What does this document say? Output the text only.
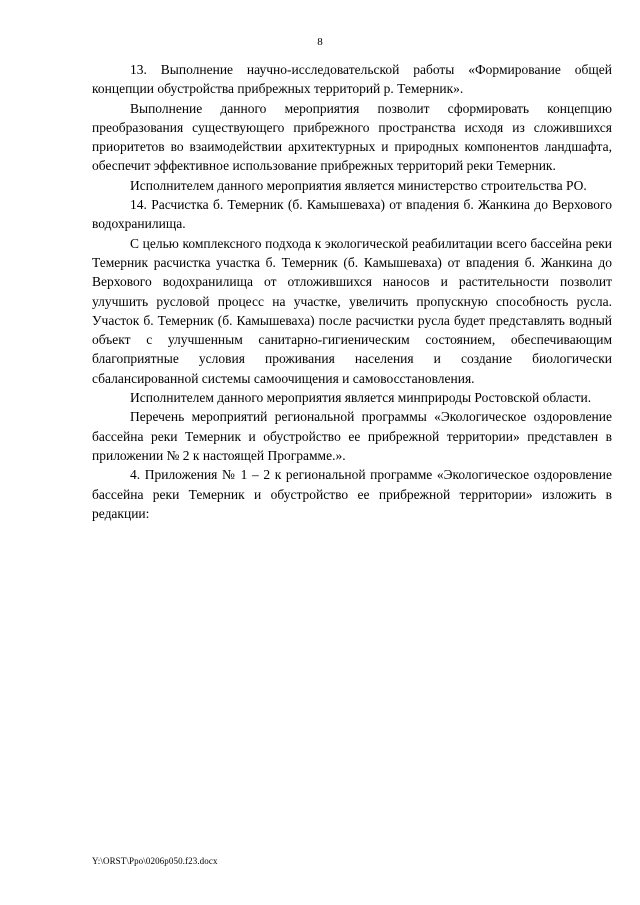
8

13. Выполнение научно-исследовательской работы «Формирование общей концепции обустройства прибрежных территорий р. Темерник».

Выполнение данного мероприятия позволит сформировать концепцию преобразования существующего прибрежного пространства исходя из сложившихся приоритетов во взаимодействии архитектурных и природных компонентов ландшафта, обеспечит эффективное использование прибрежных территорий реки Темерник.

Исполнителем данного мероприятия является министерство строительства РО.

14. Расчистка б. Темерник (б. Камышеваха) от впадения б. Жанкина до Верхового водохранилища.

С целью комплексного подхода к экологической реабилитации всего бассейна реки Темерник расчистка участка б. Темерник (б. Камышеваха) от впадения б. Жанкина до Верхового водохранилища от отложившихся наносов и растительности позволит улучшить русловой процесс на участке, увеличить пропускную способность русла. Участок б. Темерник (б. Камышеваха) после расчистки русла будет представлять водный объект с улучшенным санитарно-гигиеническим состоянием, обеспечивающим благоприятные условия проживания населения и создание биологически сбалансированной системы самоочищения и самовосстановления.

Исполнителем данного мероприятия является минприроды Ростовской области.

Перечень мероприятий региональной программы «Экологическое оздоровление бассейна реки Темерник и обустройство ее прибрежной территории» представлен в приложении № 2 к настоящей Программе.».

4. Приложения № 1 – 2 к региональной программе «Экологическое оздоровление бассейна реки Темерник и обустройство ее прибрежной территории» изложить в редакции:

Y:\ORST\Ppo\0206p050.f23.docx
